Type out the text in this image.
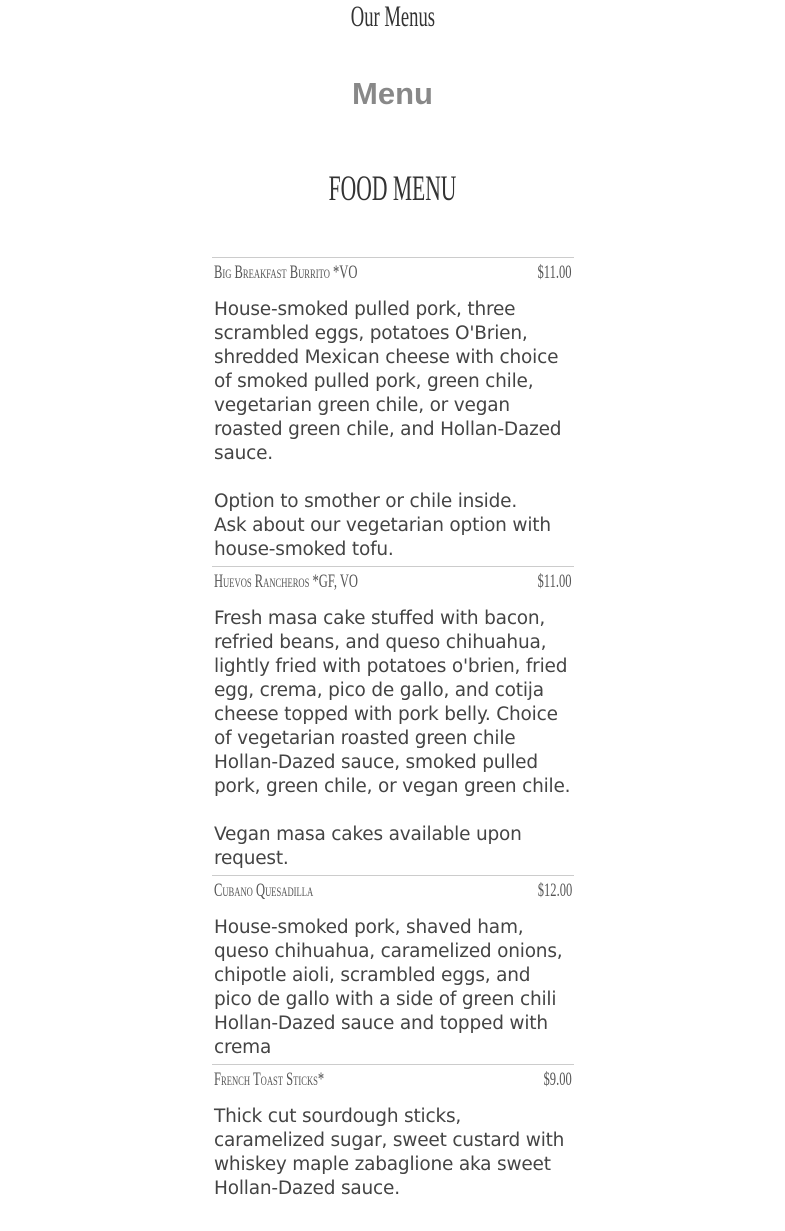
Our Menus
Menu
FOOD MENU
Big Breakfast Burrito *VO	$11.00
House-smoked pulled pork, three scrambled eggs, potatoes O'Brien, shredded Mexican cheese with choice of smoked pulled pork, green chile, vegetarian green chile, or vegan roasted green chile, and Hollan-Dazed sauce.

Option to smother or chile inside.
Ask about our vegetarian option with house-smoked tofu.
Huevos Rancheros *GF, VO	$11.00
Fresh masa cake stuffed with bacon, refried beans, and queso chihuahua, lightly fried with potatoes o'brien, fried egg, crema, pico de gallo, and cotija cheese topped with pork belly. Choice of vegetarian roasted green chile Hollan-Dazed sauce, smoked pulled pork, green chile, or vegan green chile.

Vegan masa cakes available upon request.
Cubano Quesadilla	$12.00
House-smoked pork, shaved ham, queso chihuahua, caramelized onions, chipotle aioli, scrambled eggs, and pico de gallo with a side of green chili Hollan-Dazed sauce and topped with crema
French Toast Sticks*	$9.00
Thick cut sourdough sticks, caramelized sugar, sweet custard with whiskey maple zabaglione aka sweet Hollan-Dazed sauce.
